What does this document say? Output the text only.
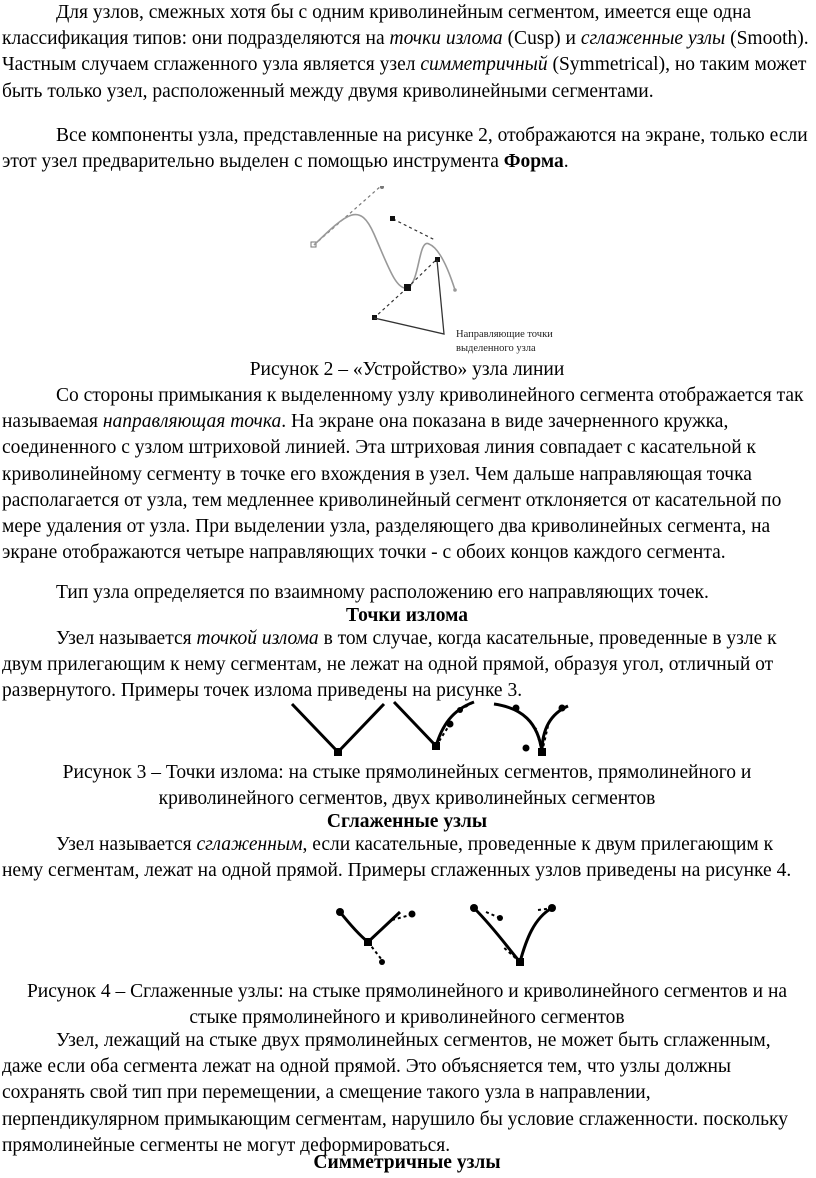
Для узлов, смежных хотя бы с одним криволинейным сегментом, имеется еще одна классификация типов: они подразделяются на точки излома (Cusp) и сглаженные узлы (Smooth). Частным случаем сглаженного узла является узел симметричный (Symmetrical), но таким может быть только узел, расположенный между двумя криволинейными сегментами.

Все компоненты узла, представленные на рисунке 2, отображаются на экране, только если этот узел предварительно выделен с помощью инструмента Форма.

Направляющие точки
выделенного узла

Рисунок 2 – «Устройство» узла линии

Со стороны примыкания к выделенному узлу криволинейного сегмента отображается так называемая направляющая точка. На экране она показана в виде зачерненного кружка, соединенного с узлом штриховой линией. Эта штриховая линия совпадает с касательной к криволинейному сегменту в точке его вхождения в узел. Чем дальше направляющая точка располагается от узла, тем медленнее криволинейный сегмент отклоняется от касательной по мере удаления от узла. При выделении узла, разделяющего два криволинейных сегмента, на экране отображаются четыре направляющих точки - с обоих концов каждого сегмента.

Тип узла определяется по взаимному расположению его направляющих точек.

Точки излома

Узел называется точкой излома в том случае, когда касательные, проведенные в узле к двум прилегающим к нему сегментам, не лежат на одной прямой, образуя угол, отличный от развернутого. Примеры точек излома приведены на рисунке 3.

Рисунок 3 – Точки излома: на стыке прямолинейных сегментов, прямолинейного и криволинейного сегментов, двух криволинейных сегментов

Сглаженные узлы

Узел называется сглаженным, если касательные, проведенные к двум прилегающим к нему сегментам, лежат на одной прямой. Примеры сглаженных узлов приведены на рисунке 4.

Рисунок 4 – Сглаженные узлы: на стыке прямолинейного и криволинейного сегментов и на стыке прямолинейного и криволинейного сегментов

Узел, лежащий на стыке двух прямолинейных сегментов, не может быть сглаженным, даже если оба сегмента лежат на одной прямой. Это объясняется тем, что узлы должны сохранять свой тип при перемещении, а смещение такого узла в направлении, перпендикулярном примыкающим сегментам, нарушило бы условие сглаженности. поскольку прямолинейные сегменты не могут деформироваться.

Симметричные узлы
